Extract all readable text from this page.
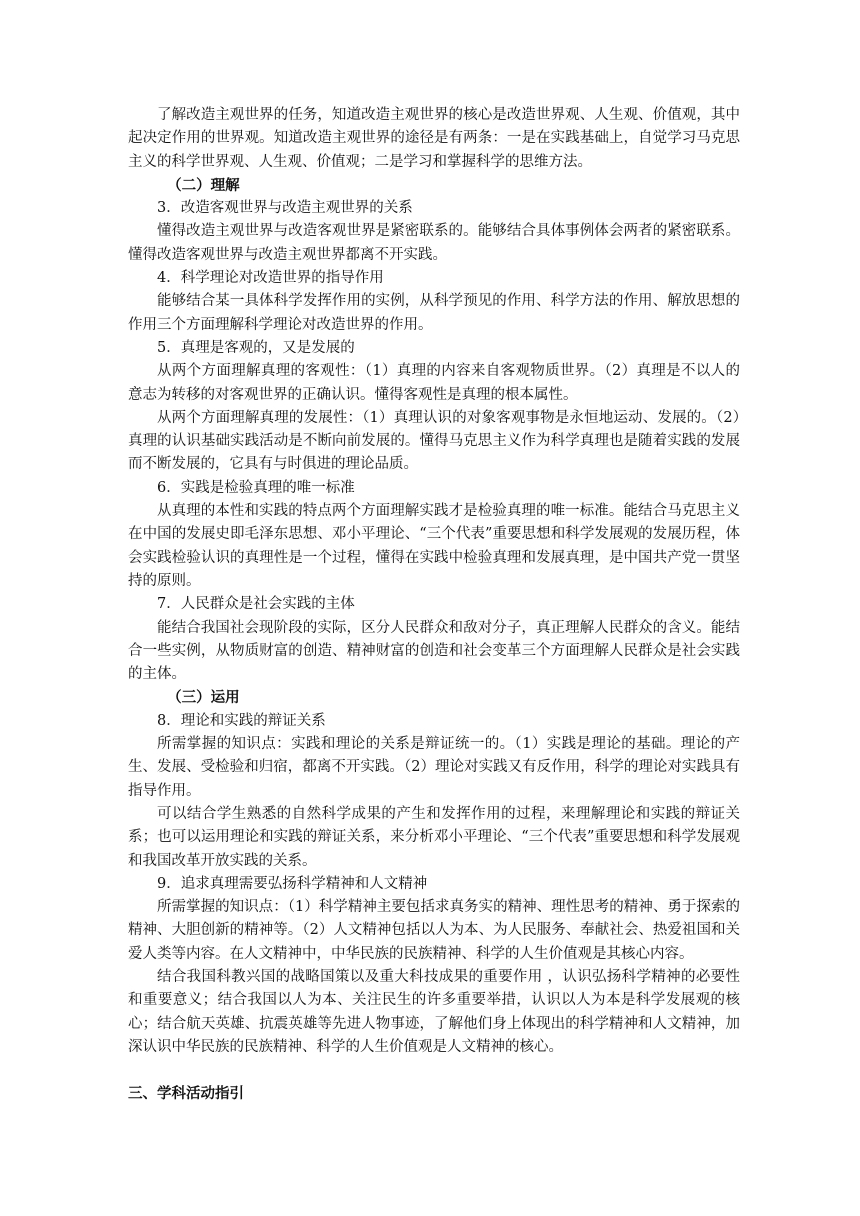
了解改造主观世界的任务，知道改造主观世界的核心是改造世界观、人生观、价值观，其中起决定作用的世界观。知道改造主观世界的途径是有两条：一是在实践基础上，自觉学习马克思主义的科学世界观、人生观、价值观；二是学习和掌握科学的思维方法。

（二）理解

3．改造客观世界与改造主观世界的关系

懂得改造主观世界与改造客观世界是紧密联系的。能够结合具体事例体会两者的紧密联系。懂得改造客观世界与改造主观世界都离不开实践。

4．科学理论对改造世界的指导作用

能够结合某一具体科学发挥作用的实例，从科学预见的作用、科学方法的作用、解放思想的作用三个方面理解科学理论对改造世界的作用。

5．真理是客观的，又是发展的

从两个方面理解真理的客观性：（1）真理的内容来自客观物质世界。（2）真理是不以人的意志为转移的对客观世界的正确认识。懂得客观性是真理的根本属性。

从两个方面理解真理的发展性：（1）真理认识的对象客观事物是永恒地运动、发展的。（2）真理的认识基础实践活动是不断向前发展的。懂得马克思主义作为科学真理也是随着实践的发展而不断发展的，它具有与时俱进的理论品质。

6．实践是检验真理的唯一标准

从真理的本性和实践的特点两个方面理解实践才是检验真理的唯一标准。能结合马克思主义在中国的发展史即毛泽东思想、邓小平理论、“三个代表”重要思想和科学发展观的发展历程，体会实践检验认识的真理性是一个过程，懂得在实践中检验真理和发展真理，是中国共产党一贯坚持的原则。

7．人民群众是社会实践的主体

能结合我国社会现阶段的实际，区分人民群众和敌对分子，真正理解人民群众的含义。能结合一些实例，从物质财富的创造、精神财富的创造和社会变革三个方面理解人民群众是社会实践的主体。

（三）运用

8．理论和实践的辩证关系

所需掌握的知识点：实践和理论的关系是辩证统一的。（1）实践是理论的基础。理论的产生、发展、受检验和归宿，都离不开实践。（2）理论对实践又有反作用，科学的理论对实践具有指导作用。

可以结合学生熟悉的自然科学成果的产生和发挥作用的过程，来理解理论和实践的辩证关系；也可以运用理论和实践的辩证关系，来分析邓小平理论、“三个代表”重要思想和科学发展观和我国改革开放实践的关系。

9．追求真理需要弘扬科学精神和人文精神

所需掌握的知识点：（1）科学精神主要包括求真务实的精神、理性思考的精神、勇于探索的精神、大胆创新的精神等。（2）人文精神包括以人为本、为人民服务、奉献社会、热爱祖国和关爱人类等内容。在人文精神中，中华民族的民族精神、科学的人生价值观是其核心内容。

结合我国科教兴国的战略国策以及重大科技成果的重要作用 ，认识弘扬科学精神的必要性和重要意义；结合我国以人为本、关注民生的许多重要举措，认识以人为本是科学发展观的核心；结合航天英雄、抗震英雄等先进人物事迹，了解他们身上体现出的科学精神和人文精神，加深认识中华民族的民族精神、科学的人生价值观是人文精神的核心。

三、学科活动指引
